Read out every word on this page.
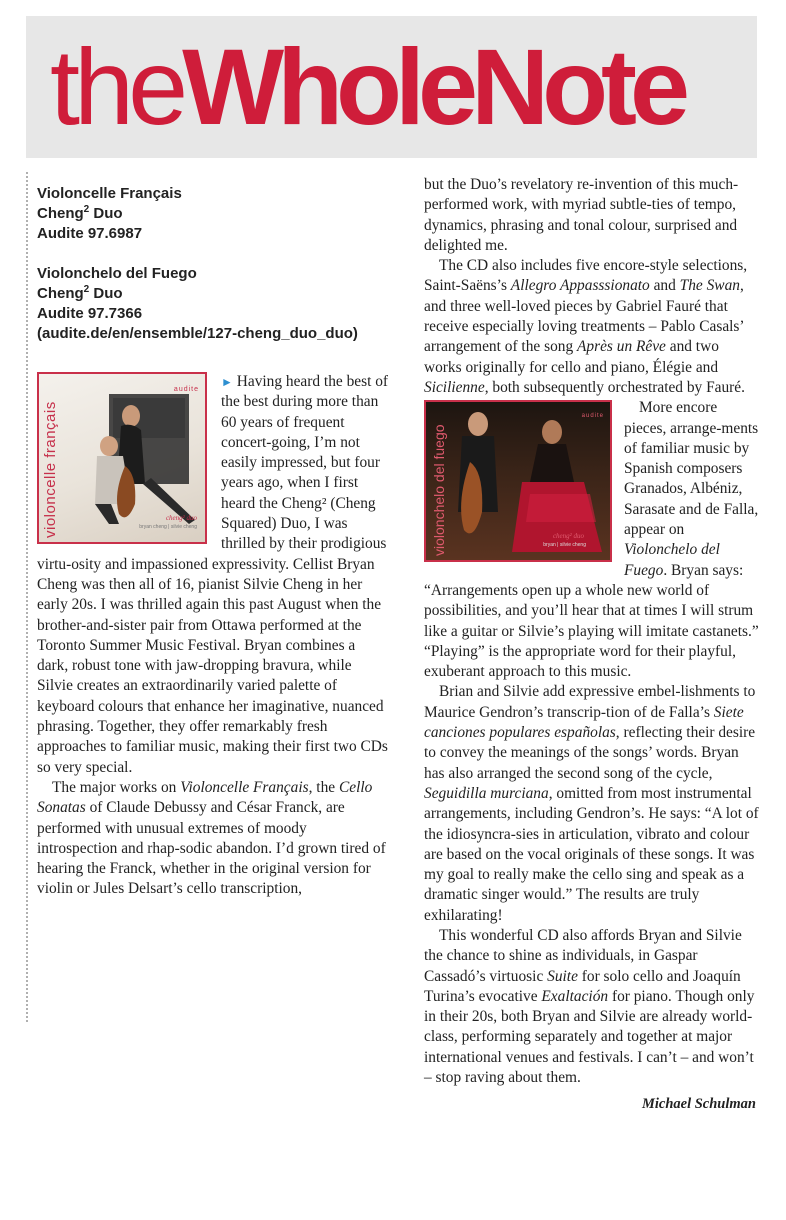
theWholeNote
Violoncelle Français
Cheng$^2$ Duo
Audite 97.6987
Violonchelo del Fuego
Cheng$^2$ Duo
Audite 97.7366
(audite.de/en/ensemble/127-cheng_duo_duo)
violoncelle français
audite
cheng² duo
bryan cheng | silvie cheng

► Having heard the best of the best during more than 60 years of frequent concert-going, I’m not easily impressed, but four years ago, when I first heard the Cheng² (Cheng Squared) Duo, I was thrilled by their prodigious virtu-osity and impassioned expressivity. Cellist Bryan Cheng was then all of 16, pianist Silvie Cheng in her early 20s. I was thrilled again this past August when the brother-and-sister pair from Ottawa performed at the Toronto Summer Music Festival. Bryan combines a dark, robust tone with jaw-dropping bravura, while Silvie creates an extraordinarily varied palette of keyboard colours that enhance her imaginative, nuanced phrasing. Together, they offer remarkably fresh approaches to familiar music, making their first two CDs so very special.

The major works on Violoncelle Français, the Cello Sonatas of Claude Debussy and César Franck, are performed with unusual extremes of moody introspection and rhap-sodic abandon. I’d grown tired of hearing the Franck, whether in the original version for violin or Jules Delsart’s cello transcription,

but the Duo’s revelatory re-invention of this much-performed work, with myriad subtle-ties of tempo, dynamics, phrasing and tonal colour, surprised and delighted me.

The CD also includes five encore-style selections, Saint-Saëns’s Allegro Appasssionato and The Swan, and three well-loved pieces by Gabriel Fauré that receive especially loving treatments – Pablo Casals’ arrangement of the song Après un Rêve and two works originally for cello and piano, Élégie and Sicilienne, both subsequently orchestrated by Fauré.

violonchelo del fuego
audite
cheng² duo
bryan | silvie cheng

More encore pieces, arrange-ments of familiar music by Spanish composers Granados, Albéniz, Sarasate and de Falla, appear on Violonchelo del Fuego. Bryan says: “Arrangements open up a whole new world of possibilities, and you’ll hear that at times I will strum like a guitar or Silvie’s playing will imitate castanets.” “Playing” is the appropriate word for their playful, exuberant approach to this music.

Brian and Silvie add expressive embel-lishments to Maurice Gendron’s transcrip-tion of de Falla’s Siete canciones populares españolas, reflecting their desire to convey the meanings of the songs’ words. Bryan has also arranged the second song of the cycle, Seguidilla murciana, omitted from most instrumental arrangements, including Gendron’s. He says: “A lot of the idiosyncra-sies in articulation, vibrato and colour are based on the vocal originals of these songs. It was my goal to really make the cello sing and speak as a dramatic singer would.” The results are truly exhilarating!

This wonderful CD also affords Bryan and Silvie the chance to shine as individuals, in Gaspar Cassadó’s virtuosic Suite for solo cello and Joaquín Turina’s evocative Exaltación for piano. Though only in their 20s, both Bryan and Silvie are already world-class, performing separately and together at major international venues and festivals. I can’t – and won’t – stop raving about them.

Michael Schulman
